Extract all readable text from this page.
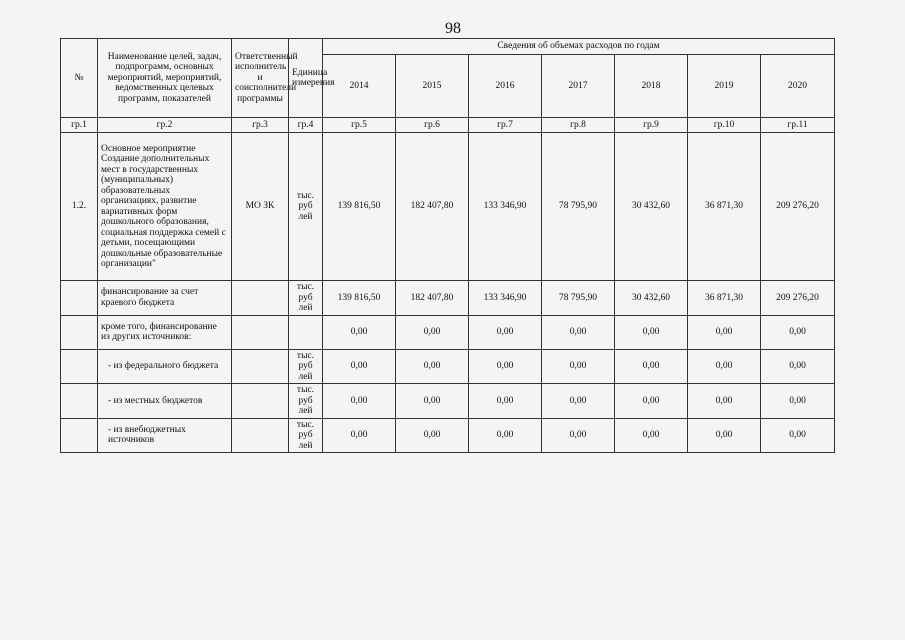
98
№	Наименование целей, задач, подпрограмм, основных мероприятий, мероприятий, ведомственных целевых программ, показателей	Ответственный исполнитель и соисполнители программы	Единица измерения	Сведения об объемах расходов по годам						
				2014	2015	2016	2017	2018	2019	2020
гр.1	гр.2	гр.3	гр.4	гр.5	гр.6	гр.7	гр.8	гр.9	гр.10	гр.11
1.2.	Основное мероприятие Создание дополнительных мест в государственных (муниципальных) образовательных организациях, развитие вариативных форм дошкольного образования, социальная поддержка семей с детьми, посещающими дошкольные образовательные организации"	МО ЗК	тыс. руб лей	139 816,50	182 407,80	133 346,90	78 795,90	30 432,60	36 871,30	209 276,20
	финансирование за счет краевого бюджета		тыс. руб лей	139 816,50	182 407,80	133 346,90	78 795,90	30 432,60	36 871,30	209 276,20
	кроме того, финансирование из других источников:			0,00	0,00	0,00	0,00	0,00	0,00	0,00
	- из федерального бюджета		тыс. руб лей	0,00	0,00	0,00	0,00	0,00	0,00	0,00
	- из местных бюджетов		тыс. руб лей	0,00	0,00	0,00	0,00	0,00	0,00	0,00
	- из внебюджетных источников		тыс. руб лей	0,00	0,00	0,00	0,00	0,00	0,00	0,00
